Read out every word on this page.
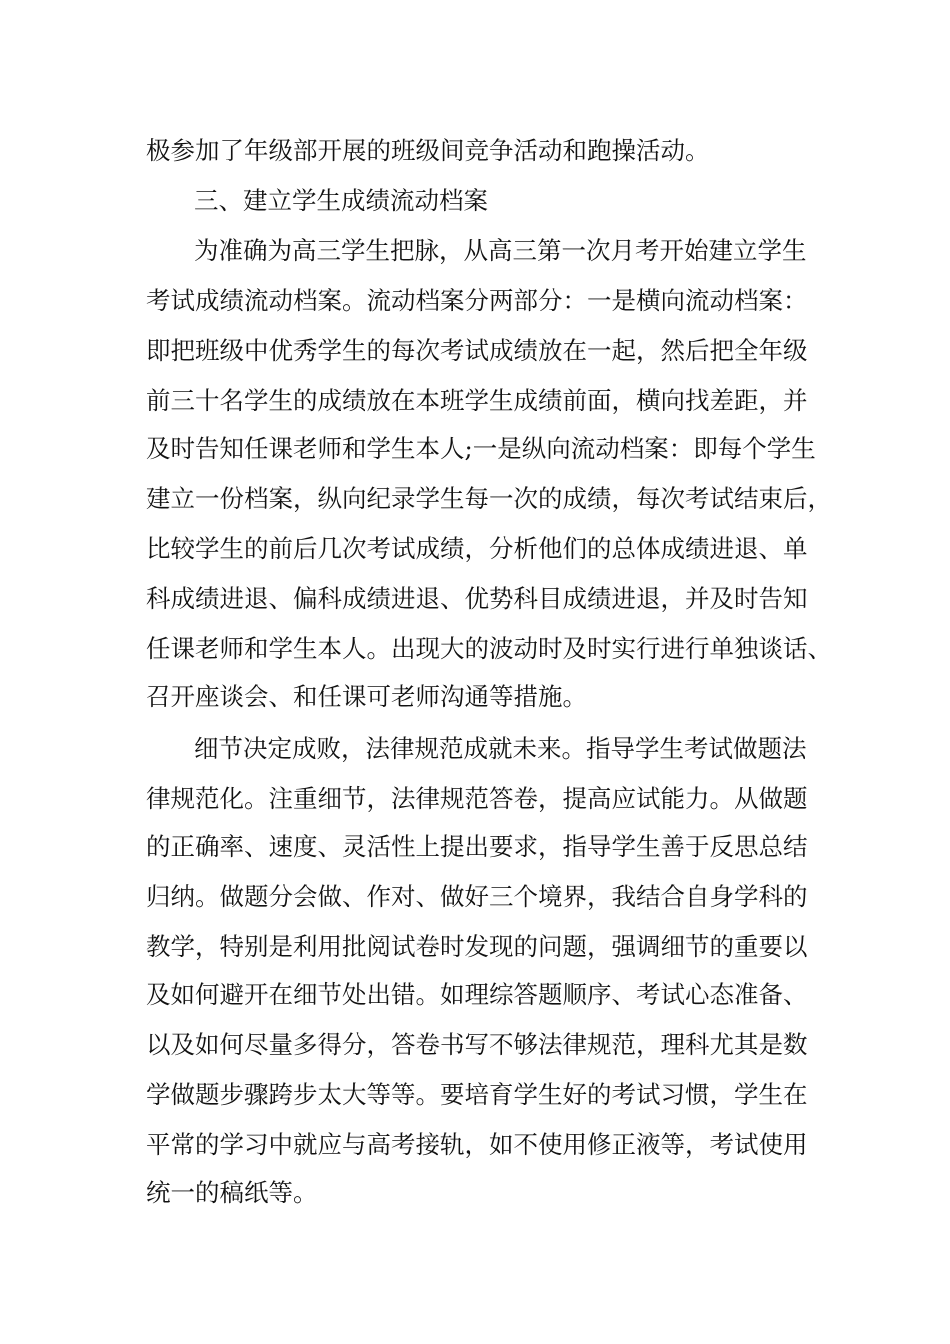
极参加了年级部开展的班级间竞争活动和跑操活动。
三、建立学生成绩流动档案
为准确为高三学生把脉，从高三第一次月考开始建立学生
考试成绩流动档案。流动档案分两部分：一是横向流动档案：
即把班级中优秀学生的每次考试成绩放在一起，然后把全年级
前三十名学生的成绩放在本班学生成绩前面，横向找差距，并
及时告知任课老师和学生本人;一是纵向流动档案：即每个学生
建立一份档案，纵向纪录学生每一次的成绩，每次考试结束后，
比较学生的前后几次考试成绩，分析他们的总体成绩进退、单
科成绩进退、偏科成绩进退、优势科目成绩进退，并及时告知
任课老师和学生本人。出现大的波动时及时实行进行单独谈话、
召开座谈会、和任课可老师沟通等措施。
细节决定成败，法律规范成就未来。指导学生考试做题法
律规范化。注重细节，法律规范答卷，提高应试能力。从做题
的正确率、速度、灵活性上提出要求，指导学生善于反思总结
归纳。做题分会做、作对、做好三个境界，我结合自身学科的
教学，特别是利用批阅试卷时发现的问题，强调细节的重要以
及如何避开在细节处出错。如理综答题顺序、考试心态准备、
以及如何尽量多得分，答卷书写不够法律规范，理科尤其是数
学做题步骤跨步太大等等。要培育学生好的考试习惯，学生在
平常的学习中就应与高考接轨，如不使用修正液等，考试使用
统一的稿纸等。
